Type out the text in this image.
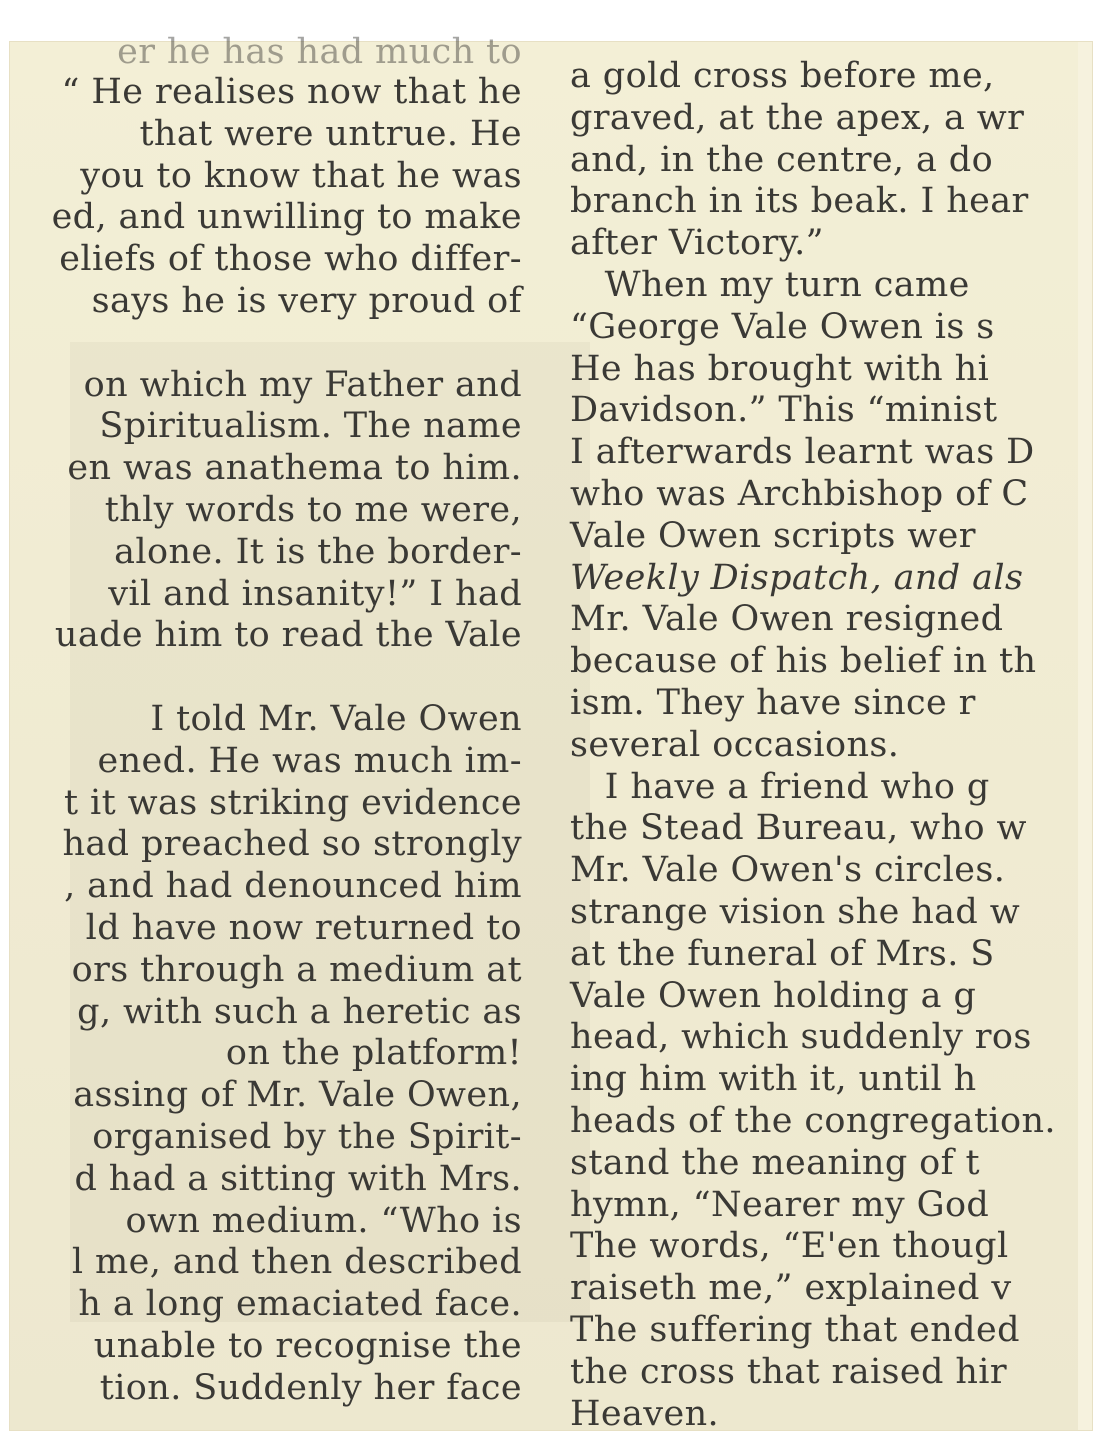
er he has had much to
“ He realises now that he
that were untrue. He
you to know that he was
ed, and unwilling to make
eliefs of those who differ-
says he is very proud of
on which my Father and
Spiritualism. The name
en was anathema to him.
thly words to me were,
alone. It is the border-
vil and insanity!” I had
uade him to read the Vale
I told Mr. Vale Owen
ened. He was much im-
t it was striking evidence
had preached so strongly
, and had denounced him
ld have now returned to
ors through a medium at
g, with such a heretic as
on the platform!
assing of Mr. Vale Owen,
organised by the Spirit-
d had a sitting with Mrs.
own medium. “Who is
l me, and then described
h a long emaciated face.
unable to recognise the
tion. Suddenly her face
a gold cross before me,
graved, at the apex, a wr
and, in the centre, a do
branch in its beak. I hear
after Victory.”
When my turn came
“George Vale Owen is s
He has brought with hi
Davidson.” This “minist
I afterwards learnt was D
who was Archbishop of C
Vale Owen scripts wer
Weekly Dispatch, and als
Mr. Vale Owen resigned
because of his belief in th
ism. They have since r
several occasions.
I have a friend who g
the Stead Bureau, who w
Mr. Vale Owen's circles.
strange vision she had w
at the funeral of Mrs. S
Vale Owen holding a g
head, which suddenly ros
ing him with it, until h
heads of the congregation.
stand the meaning of t
hymn, “Nearer my God
The words, “E'en thougl
raiseth me,” explained v
The suffering that ended
the cross that raised hir
Heaven.
